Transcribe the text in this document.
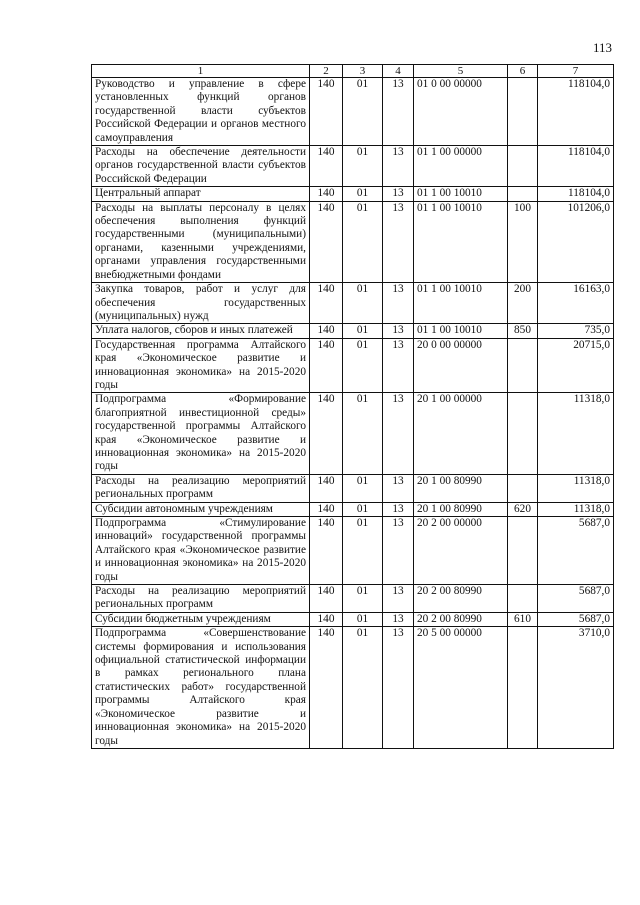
113
1	2	3	4	5	6	7
Руководство и управление в сфере установленных функций органов государственной власти субъектов Российской Федерации и органов местного самоуправления	140	01	13	01 0 00 00000		118104,0
Расходы на обеспечение деятельности органов государственной власти субъектов Российской Федерации	140	01	13	01 1 00 00000		118104,0
Центральный аппарат	140	01	13	01 1 00 10010		118104,0
Расходы на выплаты персоналу в целях обеспечения выполнения функций государственными (муниципальными) органами, казенными учреждениями, органами управления государственными внебюджетными фондами	140	01	13	01 1 00 10010	100	101206,0
Закупка товаров, работ и услуг для обеспечения государственных (муниципальных) нужд	140	01	13	01 1 00 10010	200	16163,0
Уплата налогов, сборов и иных платежей	140	01	13	01 1 00 10010	850	735,0
Государственная программа Алтайского края «Экономическое развитие и инновационная экономика» на 2015-2020 годы	140	01	13	20 0 00 00000		20715,0
Подпрограмма «Формирование благоприятной инвестиционной среды» государственной программы Алтайского края «Экономическое развитие и инновационная экономика» на 2015-2020 годы	140	01	13	20 1 00 00000		11318,0
Расходы на реализацию мероприятий региональных программ	140	01	13	20 1 00 80990		11318,0
Субсидии автономным учреждениям	140	01	13	20 1 00 80990	620	11318,0
Подпрограмма «Стимулирование инноваций» государственной программы Алтайского края «Экономическое развитие и инновационная экономика» на 2015-2020 годы	140	01	13	20 2 00 00000		5687,0
Расходы на реализацию мероприятий региональных программ	140	01	13	20 2 00 80990		5687,0
Субсидии бюджетным учреждениям	140	01	13	20 2 00 80990	610	5687,0
Подпрограмма «Совершенствование системы формирования и использования официальной статистической информации в рамках регионального плана статистических работ» государственной программы Алтайского края «Экономическое развитие и инновационная экономика» на 2015-2020 годы	140	01	13	20 5 00 00000		3710,0
